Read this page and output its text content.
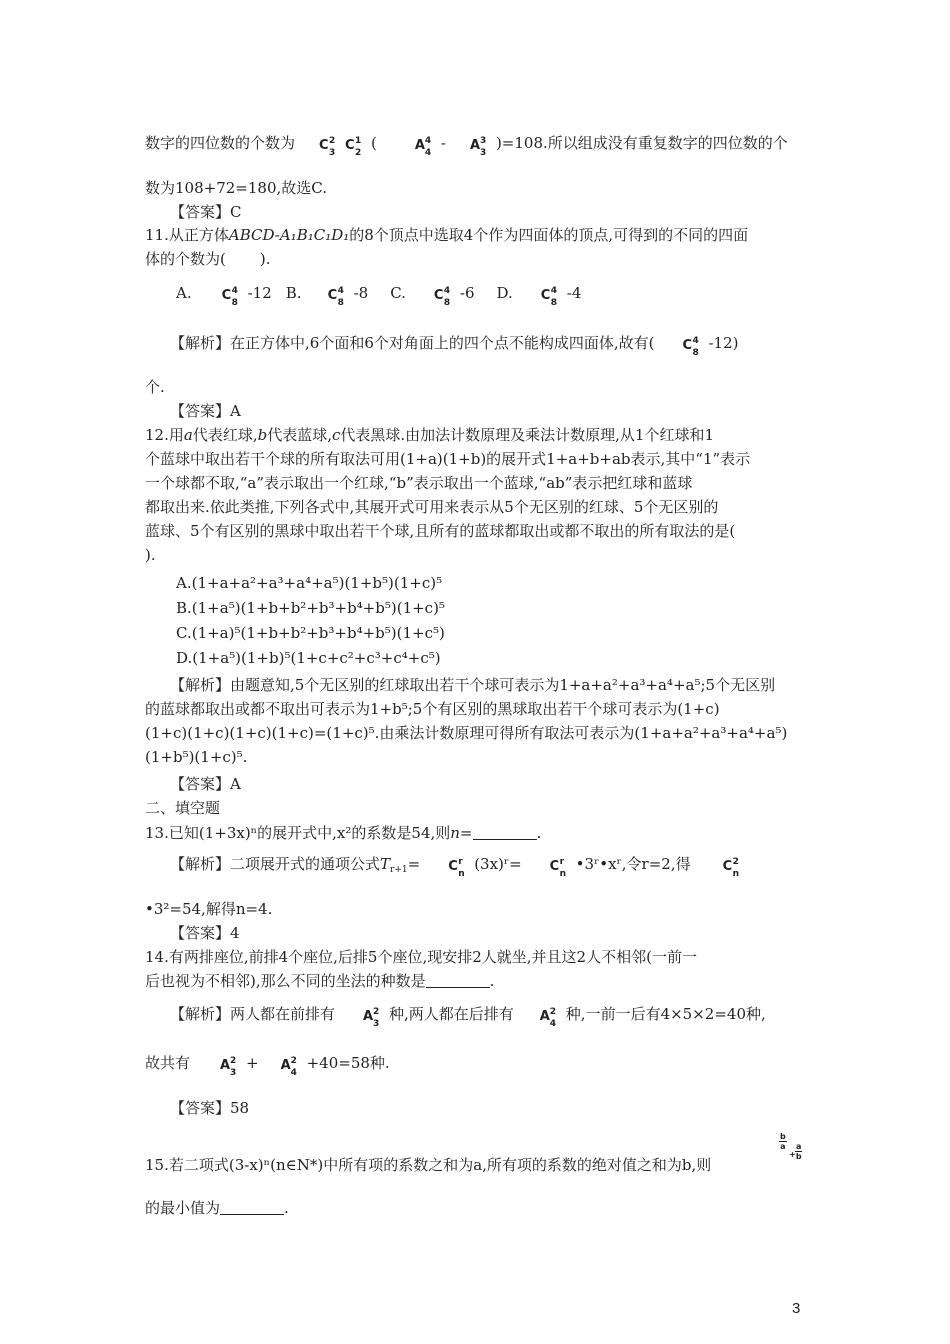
数字的四位数的个数为 C 2
3 C 1
2
(	A 4
4
- A 3
3
)=108.所以组成没有重复数字的四位数的个
数为108+72=180,故选C.
【答案】C
11.从正方体ABCD-A₁B₁C₁D₁的8个顶点中选取4个作为四面体的顶点,可得到的不同的四面
体的个数为( ).
A. C 4
8
-12 B. C 4
8
-8 C. C 4
8
-6 D. C 4
8
-4
【解析】在正方体中,6个面和6个对角面上的四个点不能构成四面体,故有( C 4
8
-12)
个.
【答案】A
12.用a代表红球,b代表蓝球,c代表黑球.由加法计数原理及乘法计数原理,从1个红球和1
个蓝球中取出若干个球的所有取法可用(1+a)(1+b)的展开式1+a+b+ab表示,其中“1”表示
一个球都不取,“a”表示取出一个红球,“b”表示取出一个蓝球,“ab”表示把红球和蓝球
都取出来.依此类推,下列各式中,其展开式可用来表示从5个无区别的红球、5个无区别的
蓝球、5个有区别的黑球中取出若干个球,且所有的蓝球都取出或都不取出的所有取法的是(
).
A.(1+a+a²+a³+a⁴+a⁵)(1+b⁵)(1+c)⁵
B.(1+a⁵)(1+b+b²+b³+b⁴+b⁵)(1+c)⁵
C.(1+a)⁵(1+b+b²+b³+b⁴+b⁵)(1+c⁵)
D.(1+a⁵)(1+b)⁵(1+c+c²+c³+c⁴+c⁵)
【解析】由题意知,5个无区别的红球取出若干个球可表示为1+a+a²+a³+a⁴+a⁵;5个无区别
的蓝球都取出或都不取出可表示为1+b⁵;5个有区别的黑球取出若干个球可表示为(1+c)
(1+c)(1+c)(1+c)(1+c)=(1+c)⁵.由乘法计数原理可得所有取法可表示为(1+a+a²+a³+a⁴+a⁵)
(1+b⁵)(1+c)⁵.
【答案】A
二、填空题
13.已知(1+3x)ⁿ的展开式中,x²的系数是54,则n=	.
【解析】二项展开式的通项公式$T_{r+1}= C$ r
n
(3x)ʳ= C r
n
•3ʳ•xʳ,令r=2,得 C 2
n
•3²=54,解得n=4.
【答案】4
14.有两排座位,前排4个座位,后排5个座位,现安排2人就坐,并且这2人不相邻(一前一
后也视为不相邻),那么不同的坐法的种数是	.
【解析】两人都在前排有 A 2
3
种,两人都在后排有 A 2
4
种,一前一后有4×5×2=40种,
故共有 A 2
3
+ A 2
4
+40=58种.
【答案】58
15.若二项式(3-x)ⁿ(n∈N*)中所有项的系数之和为a,所有项的系数的绝对值之和为b,则
$\frac{b}{a}$
+ $\frac{a}{b}$
的最小值为	.
3
